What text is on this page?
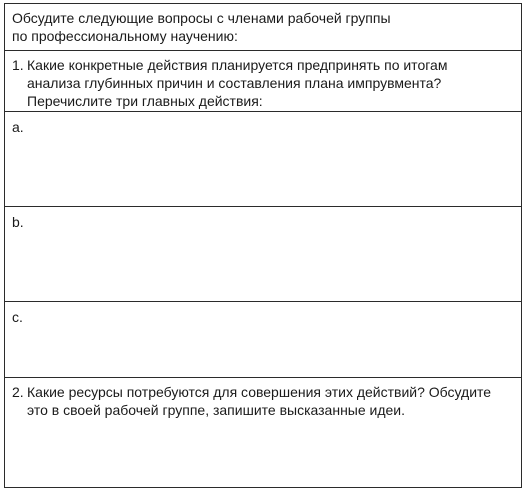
Обсудите следующие вопросы с членами рабочей группы
по профессиональному научению:
1. Какие конкретные действия планируется предпринять по итогам
анализа глубинных причин и составления плана импрувмента?
Перечислите три главных действия:
a.
b.
c.
2. Какие ресурсы потребуются для совершения этих действий? Обсудите
это в своей рабочей группе, запишите высказанные идеи.
